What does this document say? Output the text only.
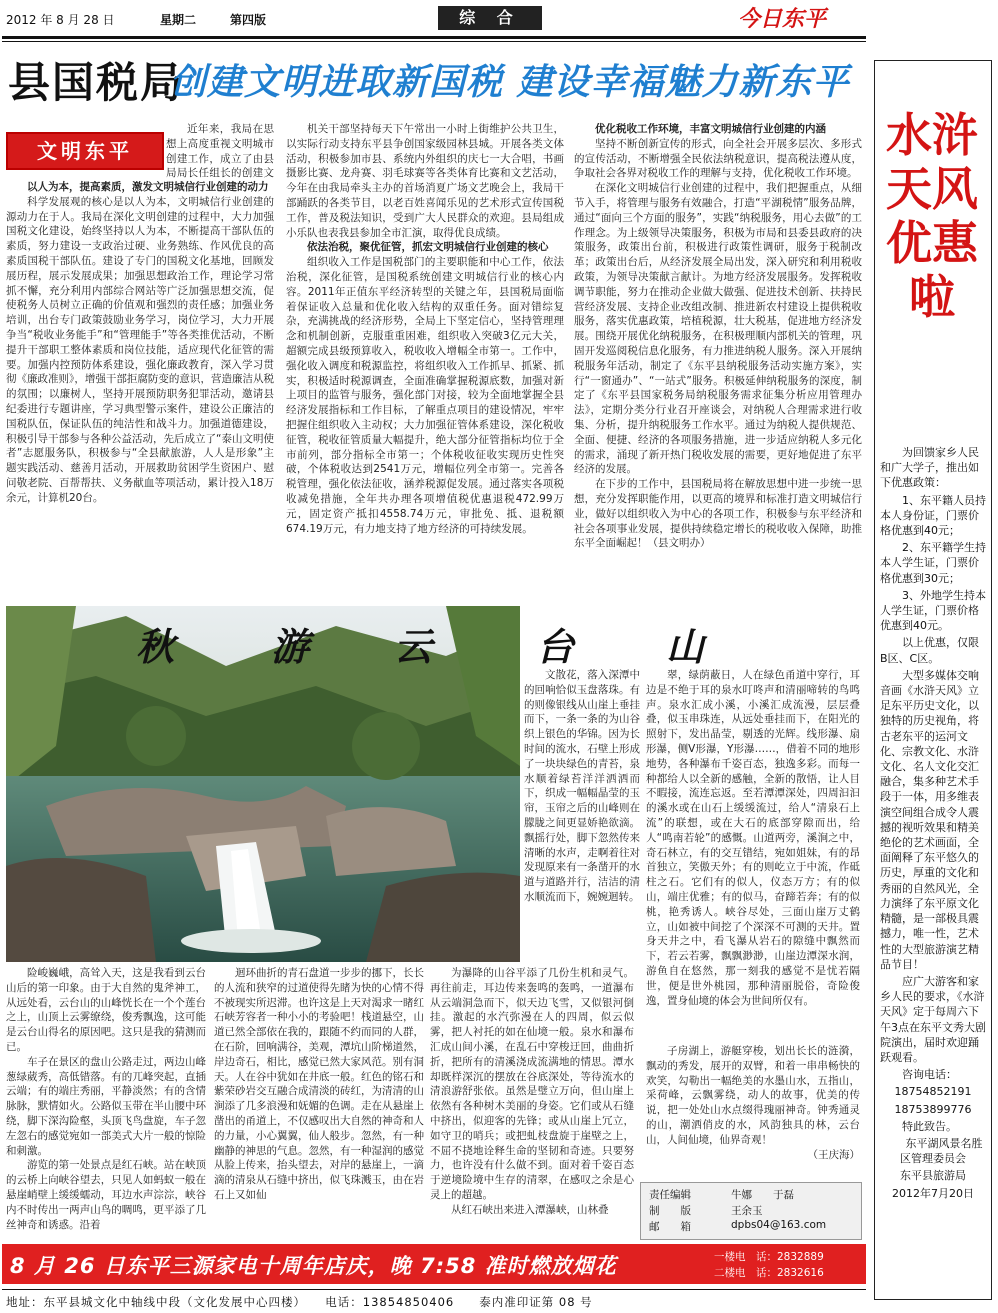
2012 年 8 月 28 日	星期二	第四版	综 合	今日东平
县国税局
创建文明进取新国税 建设幸福魅力新东平
文明东平

近年来，我局在思想上高度重视文明城市创建工作，成立了由县局局长任组长的创建文

以人为本，提高素质，激发文明城信行业创建的动力

科学发展观的核心是以人为本，文明城信行业创建的源动力在于人。我局在深化文明创建的过程中，大力加强国税文化建设，始终坚持以人为本，不断提高干部队伍的素质，努力建设一支政治过硬、业务熟练、作风优良的高素质国税干部队伍。建设了专门的国税文化基地，回顾发展历程，展示发展成果；加强思想政治工作，理论学习常抓不懈，充分利用内部综合网站等广泛加强思想交流，促使税务人员树立正确的价值观和强烈的责任感；加强业务培训，出台专门政策鼓励业务学习，岗位学习，大力开展争当“税收业务能手”和“管理能手”等各类推优活动，不断提升干部职工整体素质和岗位技能，适应现代化征管的需要。加强内控预防体系建设，强化廉政教育，深入学习贯彻《廉政准则》，增强干部拒腐防变的意识，营造廉洁从税的氛围；以廉树人，坚持开展预防职务犯罪活动，邀请县纪委进行专题讲座，学习典型警示案件，建设公正廉洁的国税队伍，保证队伍的纯洁性和战斗力。加强道德建设，积极引导干部参与各种公益活动，先后成立了“泰山文明使者”志愿服务队，积极参与“全县献旅游，人人是形象”主题实践活动、慈善月活动，开展救助贫困学生资困户、慰问敬老院、百帮帮扶、义务献血等项活动，累计投入18万余元，计算机20台。

机关干部坚持每天下午常出一小时上街维护公共卫生，以实际行动支持东平县争创国家级园林县城。开展各类文体活动，积极参加市县、系统内外组织的庆七一大合唱，书画摄影比赛、龙舟赛、羽毛球赛等各类体育比赛和文艺活动，今年在由我局牵头主办的首场消夏广场文艺晚会上，我局干部踊跃的各类节目，以老百姓喜闻乐见的艺术形式宣传国税工作，普及税法知识，受到广大人民群众的欢迎。县局组成小乐队也表我县参加全市汇演，取得优良成绩。

依法治税，聚优征管，抓宏文明城信行业创建的核心

组织收入工作是国税部门的主要职能和中心工作，依法治税，深化征管，是国税系统创建文明城信行业的核心内容。2011年正值东平经济转型的关键之年，县国税局面临着保证收入总量和优化收入结构的双重任务。面对错综复杂，充满挑战的经济形势，全局上下坚定信心，坚持管理理念和机制创新，克服重重困难，组织收入突破3亿元大关，超额完成县级预算收入，税收收入增幅全市第一。工作中，强化收入调度和税源监控，将组织收入工作抓早、抓紧、抓实，积极适时税源调查，全面准确掌握税源底数，加强对新上项目的监管与服务，强化部门对接，较为全面地掌握全县经济发展指标和工作目标，了解重点项目的建设情况，牢牢把握住组织收入主动权；大力加强征管体系建设，深化税收征管，税收征管质量大幅提升，绝大部分征管指标均位于全市前列，部分指标全市第一；个体税收征收实现历史性突破，个体税收达到2541万元，增幅位列全市第一。完善各税管理，强化依法征收，涵养税源促发展。通过落实各项税收减免措施，全年共办理各项增值税优惠退税472.99万元，固定资产抵扣4558.74万元，审批免、抵、退税额674.19万元，有力地支持了地方经济的可持续发展。

优化税收工作环境，丰富文明城信行业创建的内涵

坚持不断创新宣传的形式，向全社会开展多层次、多形式的宣传活动，不断增强全民依法纳税意识，提高税法遵从度，争取社会各界对税收工作的理解与支持，优化税收工作环境。

在深化文明城信行业创建的过程中，我们把握重点，从细节入手，将管理与服务有效融合，打造“平湖税情”服务品牌，通过“面向三个方面的服务”，实践“纳税服务，用心去做”的工作理念。为上级领导决策服务，积极为市局和县委县政府的决策服务，政策出台前，积极进行政策性调研，服务于税制改革；政策出台后，从经济发展全局出发，深入研究和利用税收政策，为领导决策献言献计。为地方经济发展服务。发挥税收调节职能，努力在推动企业做大做强、促进技术创新、扶持民营经济发展、支持企业改组改制、推进新农村建设上提供税收服务，落实优惠政策，培植税源，壮大税基，促进地方经济发展。围绕开展优化纳税服务，在积极理顺内部机关的管理，巩固开发巡阅税信息化服务，有力推进纳税人服务。深入开展纳税服务年活动，制定了《东平县纳税服务活动实施方案》，实行“一窗通办”、“一站式”服务。积极延伸纳税服务的深度，制定了《东平县国家税务局纳税服务需求征集分析应用管理办法》，定期分类分行业召开座谈会，对纳税人合理需求进行收集、分析，提升纳税服务工作水平。通过为纳税人提供规范、全面、便捷、经济的各项服务措施，进一步适应纳税人多元化的需求，涌现了新开热门税收发展的需要，更好地促进了东平经济的发展。

在下步的工作中，县国税局将在解放思想中进一步统一思想，充分发挥职能作用，以更高的境界和标准打造文明城信行业，做好以组织收入为中心的各项工作，积极参与东平经济和社会各项事业发展，提供持续稳定增长的税收收入保障，助推东平全面崛起！（县文明办）

水浒天风优惠啦
为回馈家乡人民和广大学子，推出如下优惠政策：
1、东平籍人员持本人身份证，门票价格优惠到40元；
2、东平籍学生持本人学生证，门票价格优惠到30元；
3、外地学生持本人学生证，门票价格优惠到40元。
以上优惠，仅限B区、C区。
大型多媒体交响音画《水浒天风》立足东平历史文化，以独特的历史视角，将古老东平的运河文化、宗教文化、水浒文化、名人文化交汇融合，集多种艺术手段于一体，用多维表演空间组合成令人震撼的视听效果和精美绝伦的艺术画面，全面阐释了东平悠久的历史，厚重的文化和秀丽的自然风光，全力演绎了东平原文化精髓，是一部极具震撼力，唯一性，艺术性的大型旅游演艺精品节目！
应广大游客和家乡人民的要求，《水浒天风》定于每周六下午3点在东平文秀大剧院演出，届时欢迎踊跃观看。
咨询电话：
18754852191
18753899776
特此致告。
东平湖风景名胜区管理委员会
东平县旅游局
2012年7月20日
秋	游 云	台 山

文散花，落入深潭中的回响恰似玉盘落珠。有的则像银线从山崖上垂挂而下，一条一条的为山谷织上银色的华锦。因为长时间的流水，石壁上形成了一块块绿色的青苔，泉水顺着绿苔洋洋洒洒而下，织成一幅幅晶莹的玉帘，玉帘之后的山峰则在朦胧之间更显娇艳欲滴。飘摇行处，脚下忽然传来清晰的水声，走啊着往对发现原来有一条凿开的水道与道路并行，洁洁的清水顺流而下，婉婉迴转。

翠，绿荫蔽日，人在绿色甬道中穿行，耳边是不绝于耳的泉水叮咚声和清丽啼转的鸟鸣声。泉水汇成小溪，小溪汇成流漫，层层叠叠，似玉串珠连，从远处垂挂而下，在阳光的照射下，发出晶莹，剔透的光辉。线形瀑、扇形瀑，侧V形瀑，Y形瀑……，借着不同的地形地势，各种瀑布千姿百态，独逸多彩。而每一种都给人以全新的感触，全新的散悟，让人目不暇接，流连忘返。至若潭潭深处，四周汩汩的溪水或在山石上缓缓流过，给人“清泉石上流”的联想，或在大石的底部穿隙而出，给人“鸣南若轮”的感慨。山道两旁，溪涧之中，奇石林立，有的交互错结，宛如姐妹，有的昂首独立，笑傲天外；有的则屹立于中流，作砥柱之石。它们有的似人，仪态万方；有的似山，端庄优雅；有的似马，奋蹄若奔；有的似桃，艳秀诱人。峡谷尽处，三面山崖万丈鹤立，山如被中间挖了个深深不可测的天井。置身天井之中，看飞瀑从岩石的隙缝中飘然而下，若云若雾，飘飘渺渺，山崖边潭深水润，游鱼自在悠然，那一刻我的感觉不是忧若隔世，便是世外桃园，那种清丽脱俗，奇险俊逸，置身仙境的体会为世间所仅有。

子房湖上，游艇穿梭，划出长长的涟漪，飘动的秀发，展开的双臂，和着一串串畅快的欢笑，勾勒出一幅绝美的水墨山水，五指山，采荷峰，云飘雾绕，动人的故事，优美的传说，把一处处山水点缀得瑰丽神奇。钟秀通灵的山，潮洒俏皮的水，风韵独具的林，云台山，人间仙境，仙界奇观！

（王庆海）

险峻巍峨，高耸入天，这是我看到云台山后的第一印象。由于大自然的鬼斧神工，从远处看，云台山的山峰恍长在一个个莲台之上，山顶上云雾缭绕，俊秀飘逸，这可能是云台山得名的原因吧。这只是我的猜测而已。

车子在景区的盘山公路走过，两边山峰葱绿葳秀，高低错落。有的兀峰突起，直插云端；有的端庄秀丽，平静淡然；有的含情脉脉，默情如火。公路似玉带在半山腰中环绕，脚下深沟险壑，头顶飞鸟盘旋，车子忽左忽右的感觉宛如一部美式大片一般的惊险和刺激。

游览的第一处景点是红石峡。站在峡顶的云桥上向峡谷望去，只见人如蚂蚁一般在悬崖峭壁上缓缓蠕动，耳边水声淙淙，峡谷内不时传出一两声山鸟的啁鸣，更平添了几丝神奇和诱惑。沿着

迴环曲折的青石盘道一步步的挪下，长长的人流和狭窄的过道使得先睹为快的心情不得不被现实所迟滞。也许这是上天对渴求一睹红石峡芳容者一种小小的考验吧！栈道悬空，山道已然全部依在我的，跟随不约而同的人群，在石阶，回响满谷，美观，潭坑山阶梯道然，岸边奇石，相比，感觉已然大家风范。别有洞天。人在谷中犹如在井底一般。红色的铭石和紫荣砂岩交互融合成清淡的砖红，为清清的山涧添了几多浪漫和妩媚的色调。走在从悬崖上凿出的甬道上，不仅感叹出大自然的神奇和人的力量，小心翼翼，仙人般步。忽然，有一种幽静的神思的气息。忽然，有一种湿润的感觉从脸上传来，抬头望去，对岸的悬崖上，一滴滴的清泉从石缝中挤出，似飞珠溅玉，由在岩石上又如仙

为瀑降的山谷平添了几份生机和灵气。再往前走，耳边传来轰鸣的轰鸣，一道瀑布从云端洞急而下，似天边飞雪，又似银河倒挂。激起的水汽弥漫在人的四周，似云似雾，把人衬托的如在仙境一般。泉水和瀑布汇成山间小溪，在乱石中穿梭迂回，曲曲折折，把所有的清溪浇成流满地的情思。潭水却既样深沉的摆放在谷底深处，等待流水的清浪游舒张依。虽然是璧立万向，但山崖上依然有各种树木美丽的身姿。它们或从石缝中挤出，似迎客的先锋；或从山崖上冗立，如守卫的哨兵；或把虬枝盘旋于崖壁之上，不屈不挠地诠释生命的坚韧和奇迹。只要努力，也许没有什么做不到。面对着千姿百态于逆境险境中生存的清翠，在感叹之余是心灵上的超越。

从红石峡出来进入潭瀑峡，山林叠

责任编辑	牛娜　　于磊
制　　版	王余玉
邮　　箱	dpbs04@163.com
8 月 26 日东平三源家电十周年店庆，晚 7:58 准时燃放烟花	一楼电　话：2832889
二楼电　话：2832616
地址：东平县城文化中轴线中段（文化发展中心四楼）　　电话：13854850406　　泰内准印证第 08 号
